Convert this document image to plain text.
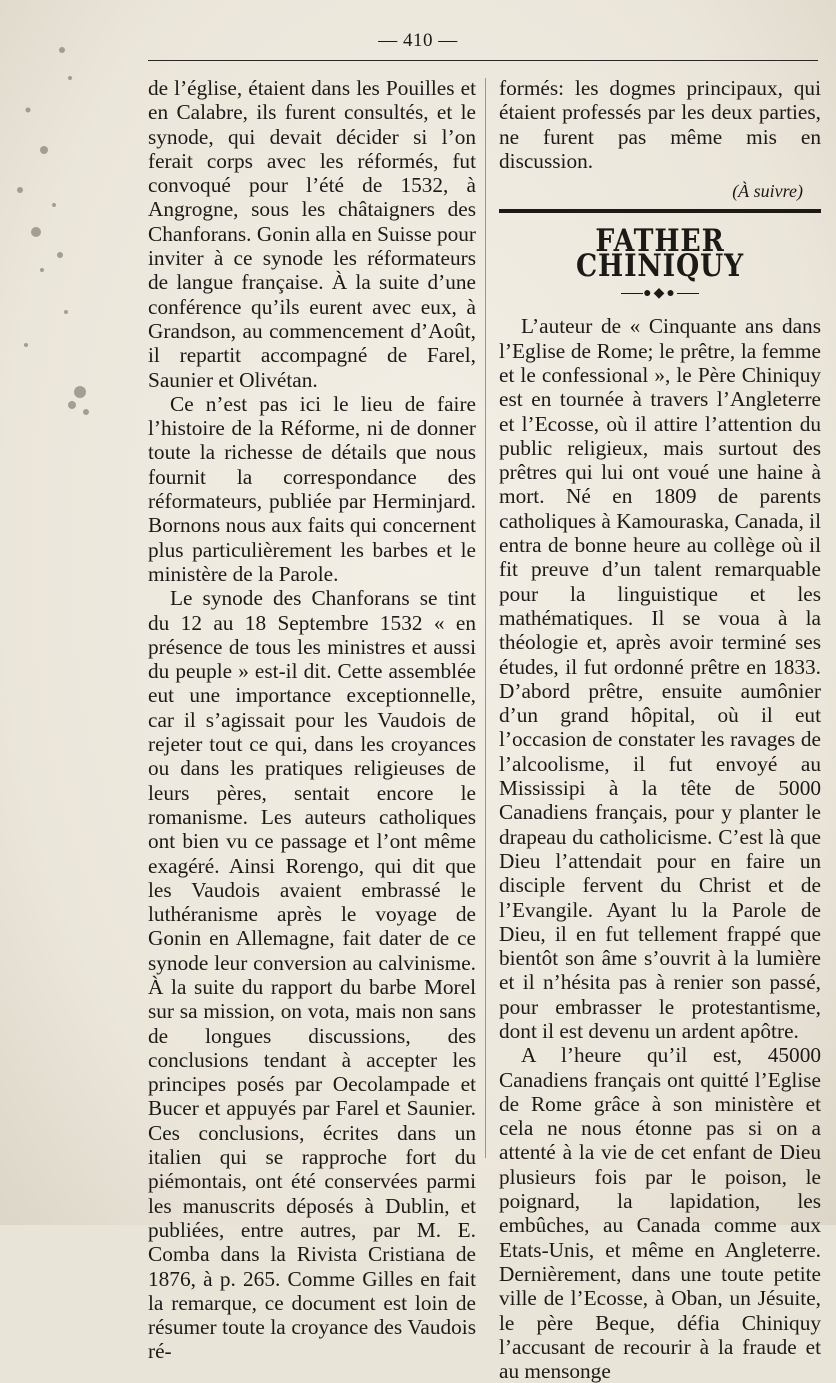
— 410 —

de l’église, étaient dans les Pouilles et en Calabre, ils furent consultés, et le synode, qui devait décider si l’on ferait corps avec les réformés, fut convoqué pour l’été de 1532, à Angrogne, sous les châtaigners des Chanforans. Gonin alla en Suisse pour inviter à ce synode les réformateurs de langue française. À la suite d’une conférence qu’ils eurent avec eux, à Grandson, au commencement d’Août, il repartit accompagné de Farel, Saunier et Olivétan.

Ce n’est pas ici le lieu de faire l’histoire de la Réforme, ni de donner toute la richesse de détails que nous fournit la correspondance des réformateurs, publiée par Herminjard. Bornons nous aux faits qui concernent plus particulièrement les barbes et le ministère de la Parole.

Le synode des Chanforans se tint du 12 au 18 Septembre 1532 « en présence de tous les ministres et aussi du peuple » est-il dit. Cette assemblée eut une importance exceptionnelle, car il s’agissait pour les Vaudois de rejeter tout ce qui, dans les croyances ou dans les pratiques religieuses de leurs pères, sentait encore le romanisme. Les auteurs catholiques ont bien vu ce passage et l’ont même exagéré. Ainsi Rorengo, qui dit que les Vaudois avaient embrassé le luthéranisme après le voyage de Gonin en Allemagne, fait dater de ce synode leur conversion au calvinisme. À la suite du rapport du barbe Morel sur sa mission, on vota, mais non sans de longues discussions, des conclusions tendant à accepter les principes posés par Oecolampade et Bucer et appuyés par Farel et Saunier. Ces conclusions, écrites dans un italien qui se rapproche fort du piémontais, ont été conservées parmi les manuscrits déposés à Dublin, et publiées, entre autres, par M. E. Comba dans la Rivista Cristiana de 1876, à p. 265. Comme Gilles en fait la remarque, ce document est loin de résumer toute la croyance des Vaudois ré-

formés: les dogmes principaux, qui étaient professés par les deux parties, ne furent pas même mis en discussion.

(À suivre)
FATHER CHINIQUY
●◆●

L’auteur de « Cinquante ans dans l’Eglise de Rome; le prêtre, la femme et le confessional », le Père Chiniquy est en tournée à travers l’Angleterre et l’Ecosse, où il attire l’attention du public religieux, mais surtout des prêtres qui lui ont voué une haine à mort. Né en 1809 de parents catholiques à Kamouraska, Canada, il entra de bonne heure au collège où il fit preuve d’un talent remarquable pour la linguistique et les mathématiques. Il se voua à la théologie et, après avoir terminé ses études, il fut ordonné prêtre en 1833. D’abord prêtre, ensuite aumônier d’un grand hôpital, où il eut l’occasion de constater les ravages de l’alcoolisme, il fut envoyé au Mississipi à la tête de 5000 Canadiens français, pour y planter le drapeau du catholicisme. C’est là que Dieu l’attendait pour en faire un disciple fervent du Christ et de l’Evangile. Ayant lu la Parole de Dieu, il en fut tellement frappé que bientôt son âme s’ouvrit à la lumière et il n’hésita pas à renier son passé, pour embrasser le protestantisme, dont il est devenu un ardent apôtre.

A l’heure qu’il est, 45000 Canadiens français ont quitté l’Eglise de Rome grâce à son ministère et cela ne nous étonne pas si on a attenté à la vie de cet enfant de Dieu plusieurs fois par le poison, le poignard, la lapidation, les embûches, au Canada comme aux Etats-Unis, et même en Angleterre. Dernièrement, dans une toute petite ville de l’Ecosse, à Oban, un Jésuite, le père Beque, défia Chiniquy l’accusant de recourir à la fraude et au mensonge
